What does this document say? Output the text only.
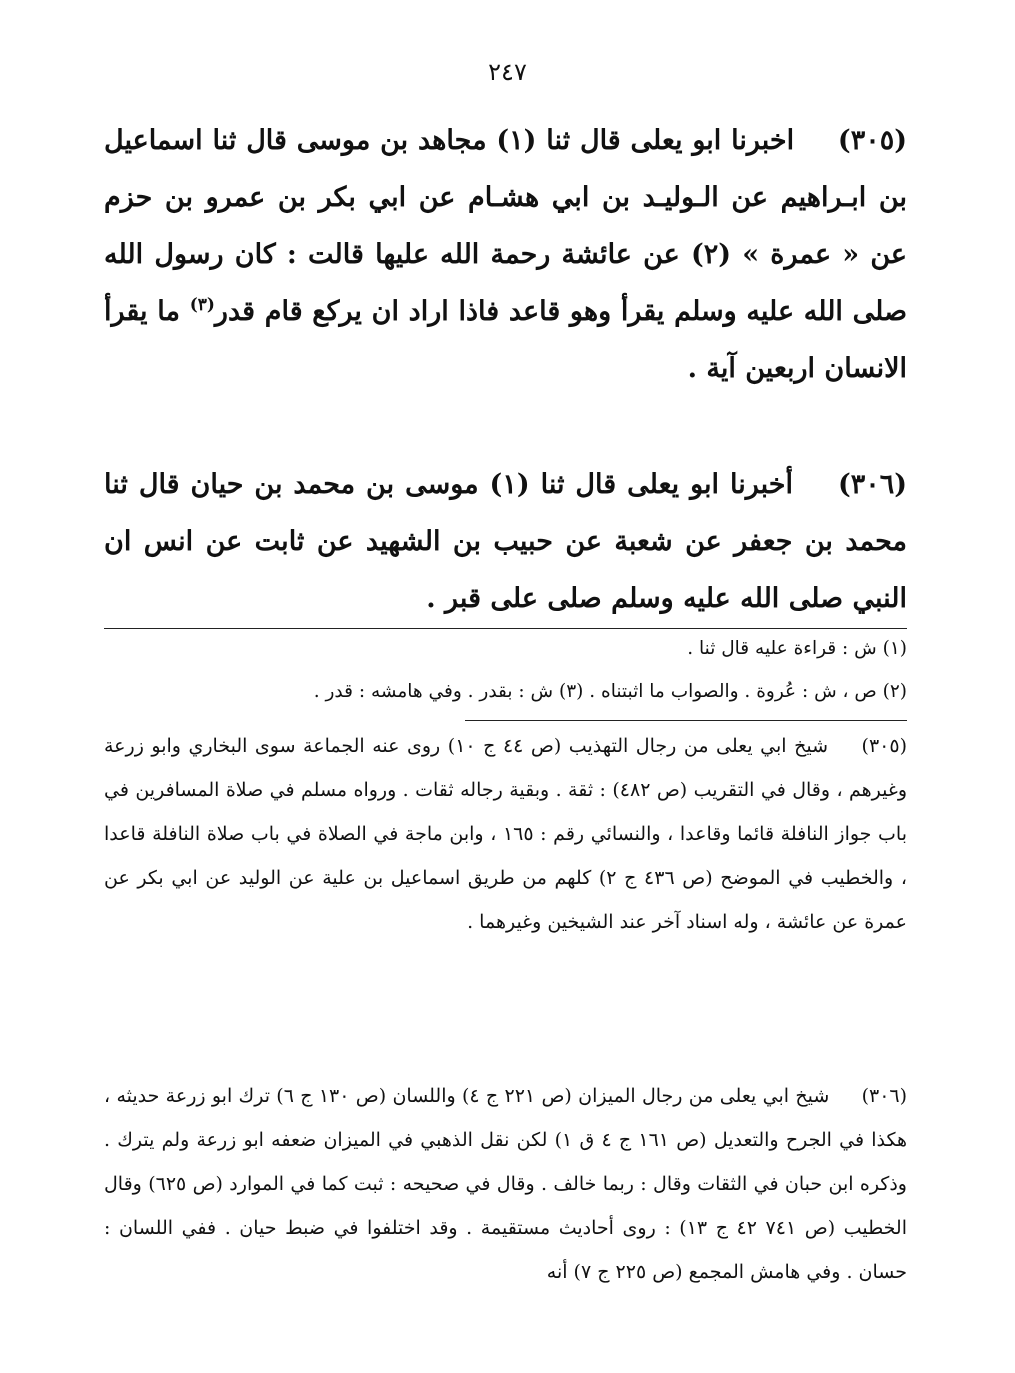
٢٤٧
(٣٠٥) اخبرنا ابو يعلى قال ثنا (١) مجاهد بن موسى قال ثنا اسماعيل بن ابـراهيم عن الـوليـد بن ابي هشـام عن ابي بكر بن عمرو بن حزم عن « عمرة » (٢) عن عائشة رحمة الله عليها قالت : كان رسول الله صلى الله عليه وسلم يقرأ وهو قاعد فاذا اراد ان يركع قام قدر$^{(٣)}$ ما يقرأ الانسان اربعين آية .
(٣٠٦) أخبرنا ابو يعلى قال ثنا (١) موسى بن محمد بن حيان قال ثنا محمد بن جعفر عن شعبة عن حبيب بن الشهيد عن ثابت عن انس ان النبي صلى الله عليه وسلم صلى على قبر .
(١) ش : قراءة عليه قال ثنا .
(٢) ص ، ش : عُروة . والصواب ما اثبتناه . (٣) ش : بقدر . وفي هامشه : قدر .
(٣٠٥) شيخ ابي يعلى من رجال التهذيب (ص ٤٤ ج ١٠) روى عنه الجماعة سوى البخاري وابو زرعة وغيرهم ، وقال في التقريب (ص ٤٨٢) : ثقة . وبقية رجاله ثقات . ورواه مسلم في صلاة المسافرين في باب جواز النافلة قائما وقاعدا ، والنسائي رقم : ١٦٥ ، وابن ماجة في الصلاة في باب صلاة النافلة قاعدا ، والخطيب في الموضح (ص ٤٣٦ ج ٢) كلهم من طريق اسماعيل بن علية عن الوليد عن ابي بكر عن عمرة عن عائشة ، وله اسناد آخر عند الشيخين وغيرهما .
(٣٠٦) شيخ ابي يعلى من رجال الميزان (ص ٢٢١ ج ٤) واللسان (ص ١٣٠ ج ٦) ترك ابو زرعة حديثه ، هكذا في الجرح والتعديل (ص ١٦١ ج ٤ ق ١) لكن نقل الذهبي في الميزان ضعفه ابو زرعة ولم يترك . وذكره ابن حبان في الثقات وقال : ربما خالف . وقال في صحيحه : ثبت كما في الموارد (ص ٦٢٥) وقال الخطيب (ص ٧٤١ ٤٢ ج ١٣) : روى أحاديث مستقيمة . وقد اختلفوا في ضبط حيان . ففي اللسان : حسان . وفي هامش المجمع (ص ٢٢٥ ج ٧) أنه
